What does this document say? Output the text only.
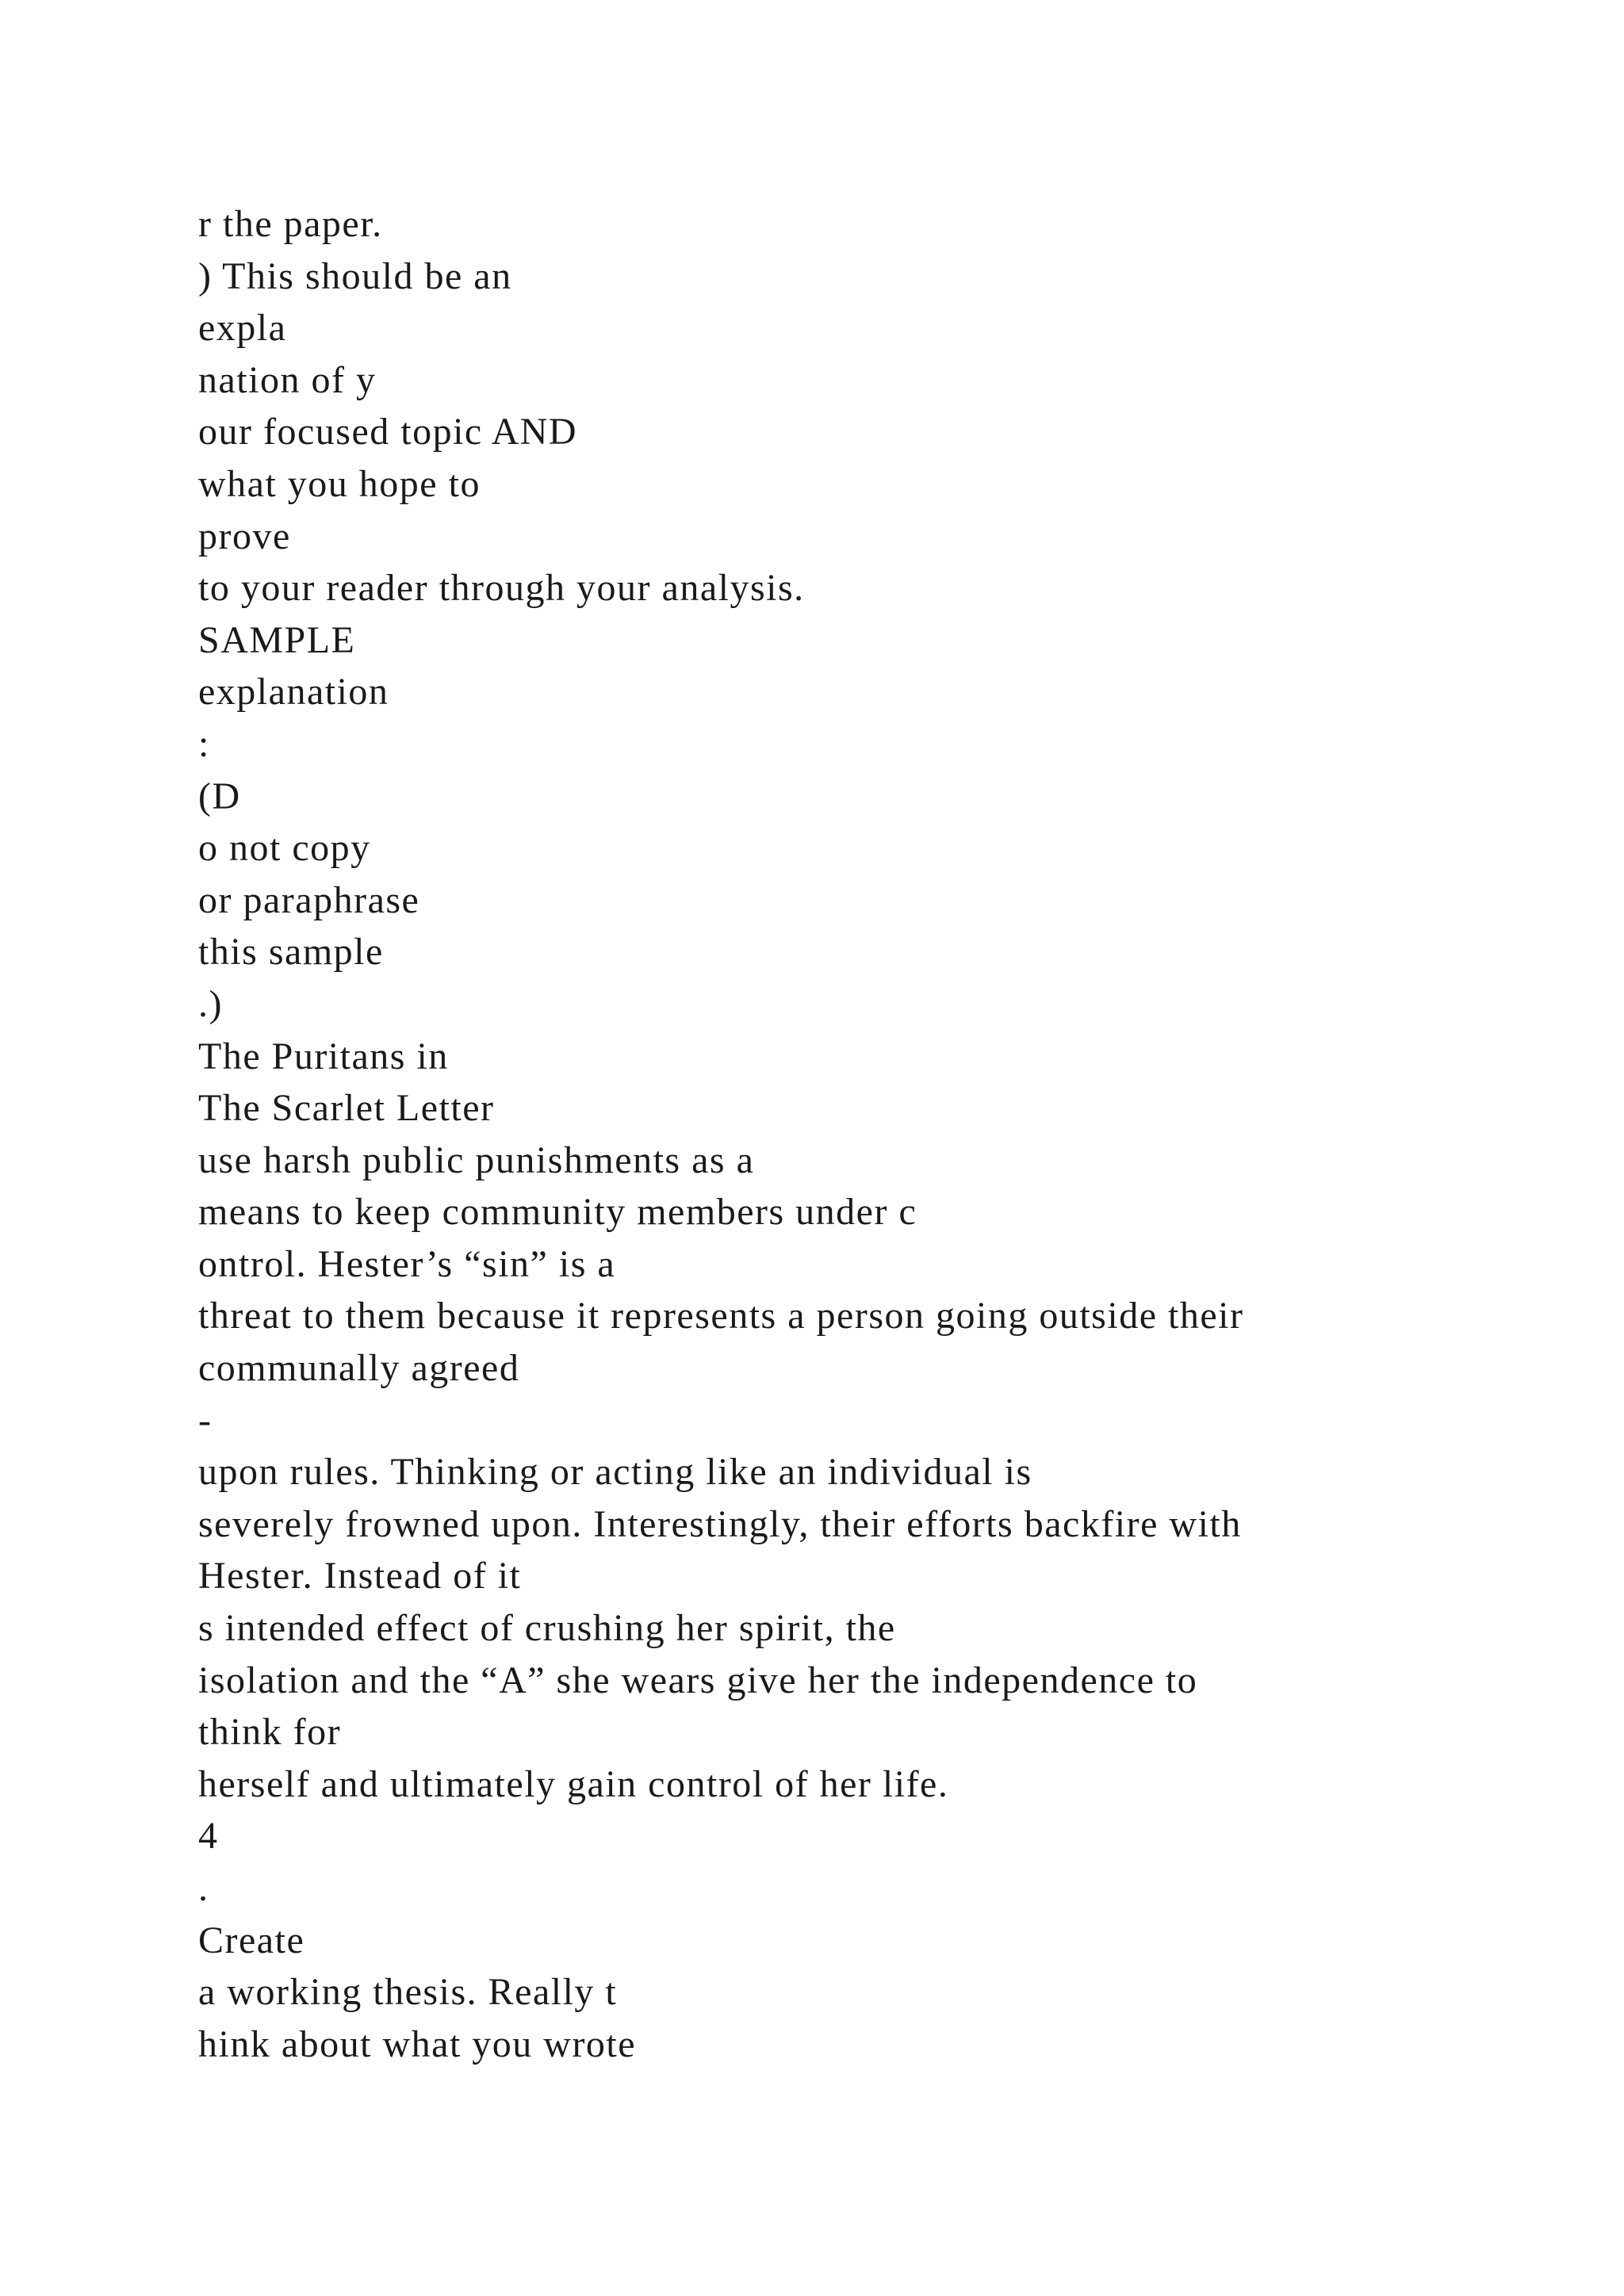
r the paper.
) This should be an
expla
nation of y
our focused topic AND
what you hope to
prove
to your reader through your analysis.
SAMPLE
explanation
:
(D
o not copy
or paraphrase
this sample
.)
The Puritans in
The Scarlet Letter
use harsh public punishments as a
means to keep community members under c
ontrol. Hester’s “sin” is a
threat to them because it represents a person going outside their
communally agreed
-
upon rules. Thinking or acting like an individual is
severely frowned upon. Interestingly, their efforts backfire with
Hester. Instead of it
s intended effect of crushing her spirit, the
isolation and the “A” she wears give her the independence to
think for
herself and ultimately gain control of her life.
4
.
Create
a working thesis. Really t
hink about what you wrote
